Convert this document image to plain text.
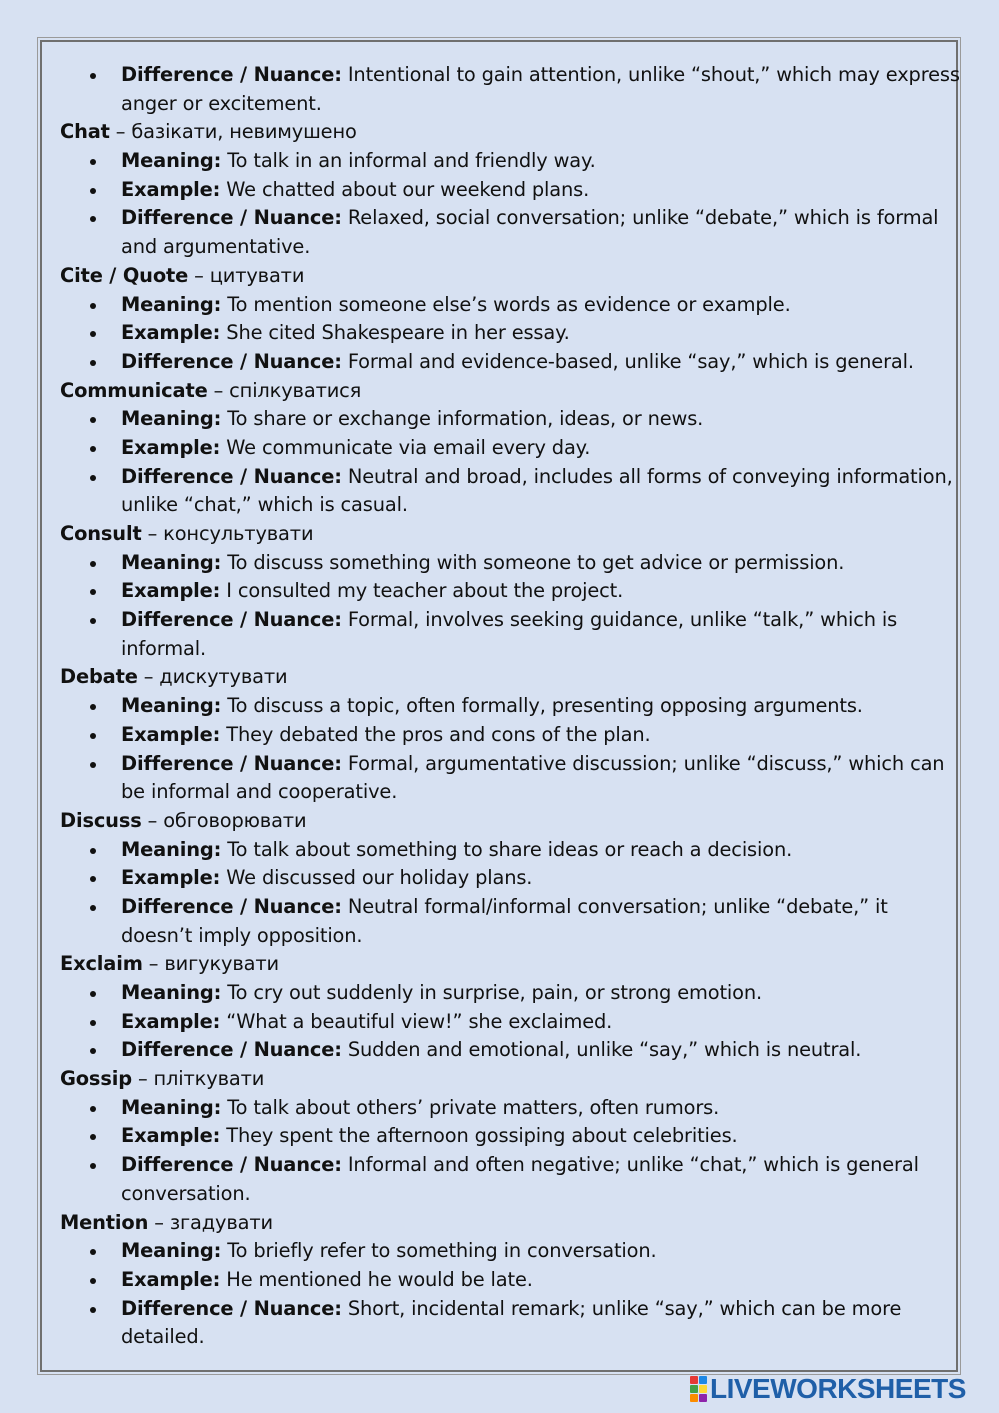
Difference / Nuance: Intentional to gain attention, unlike “shout,” which may express
anger or excitement.
Chat – базікати, невимушено
Meaning: To talk in an informal and friendly way.
Example: We chatted about our weekend plans.
Difference / Nuance: Relaxed, social conversation; unlike “debate,” which is formal
and argumentative.
Cite / Quote – цитувати
Meaning: To mention someone else’s words as evidence or example.
Example: She cited Shakespeare in her essay.
Difference / Nuance: Formal and evidence-based, unlike “say,” which is general.
Communicate – спілкуватися
Meaning: To share or exchange information, ideas, or news.
Example: We communicate via email every day.
Difference / Nuance: Neutral and broad, includes all forms of conveying information,
unlike “chat,” which is casual.
Consult – консультувати
Meaning: To discuss something with someone to get advice or permission.
Example: I consulted my teacher about the project.
Difference / Nuance: Formal, involves seeking guidance, unlike “talk,” which is
informal.
Debate – дискутувати
Meaning: To discuss a topic, often formally, presenting opposing arguments.
Example: They debated the pros and cons of the plan.
Difference / Nuance: Formal, argumentative discussion; unlike “discuss,” which can
be informal and cooperative.
Discuss – обговорювати
Meaning: To talk about something to share ideas or reach a decision.
Example: We discussed our holiday plans.
Difference / Nuance: Neutral formal/informal conversation; unlike “debate,” it
doesn’t imply opposition.
Exclaim – вигукувати
Meaning: To cry out suddenly in surprise, pain, or strong emotion.
Example: “What a beautiful view!” she exclaimed.
Difference / Nuance: Sudden and emotional, unlike “say,” which is neutral.
Gossip – пліткувати
Meaning: To talk about others’ private matters, often rumors.
Example: They spent the afternoon gossiping about celebrities.
Difference / Nuance: Informal and often negative; unlike “chat,” which is general
conversation.
Mention – згадувати
Meaning: To briefly refer to something in conversation.
Example: He mentioned he would be late.
Difference / Nuance: Short, incidental remark; unlike “say,” which can be more
detailed.
LIVEWORKSHEETS
